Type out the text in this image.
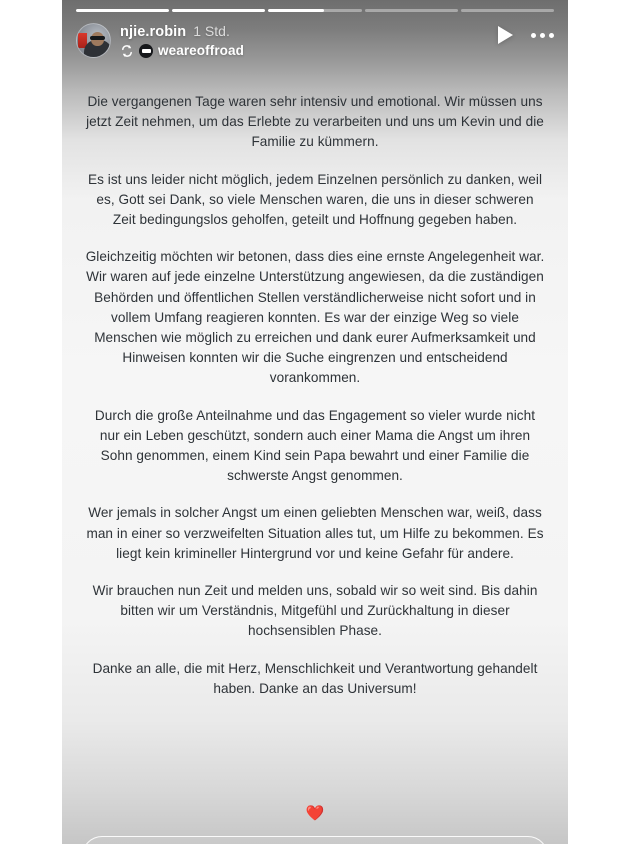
njie.robin 1 Std.
weareoffroad

Die vergangenen Tage waren sehr intensiv und emotional. Wir müssen uns jetzt Zeit nehmen, um das Erlebte zu verarbeiten und uns um Kevin und die Familie zu kümmern.

Es ist uns leider nicht möglich, jedem Einzelnen persönlich zu danken, weil es, Gott sei Dank, so viele Menschen waren, die uns in dieser schweren Zeit bedingungslos geholfen, geteilt und Hoffnung gegeben haben.

Gleichzeitig möchten wir betonen, dass dies eine ernste Angelegenheit war. Wir waren auf jede einzelne Unterstützung angewiesen, da die zuständigen Behörden und öffentlichen Stellen verständlicherweise nicht sofort und in vollem Umfang reagieren konnten. Es war der einzige Weg so viele Menschen wie möglich zu erreichen und dank eurer Aufmerksamkeit und Hinweisen konnten wir die Suche eingrenzen und entscheidend vorankommen.

Durch die große Anteilnahme und das Engagement so vieler wurde nicht nur ein Leben geschützt, sondern auch einer Mama die Angst um ihren Sohn genommen, einem Kind sein Papa bewahrt und einer Familie die schwerste Angst genommen.

Wer jemals in solcher Angst um einen geliebten Menschen war, weiß, dass man in einer so verzweifelten Situation alles tut, um Hilfe zu bekommen. Es liegt kein krimineller Hintergrund vor und keine Gefahr für andere.

Wir brauchen nun Zeit und melden uns, sobald wir so weit sind. Bis dahin bitten wir um Verständnis, Mitgefühl und Zurückhaltung in dieser hochsensiblen Phase.

Danke an alle, die mit Herz, Menschlichkeit und Verantwortung gehandelt haben. Danke an das Universum!

❤️
